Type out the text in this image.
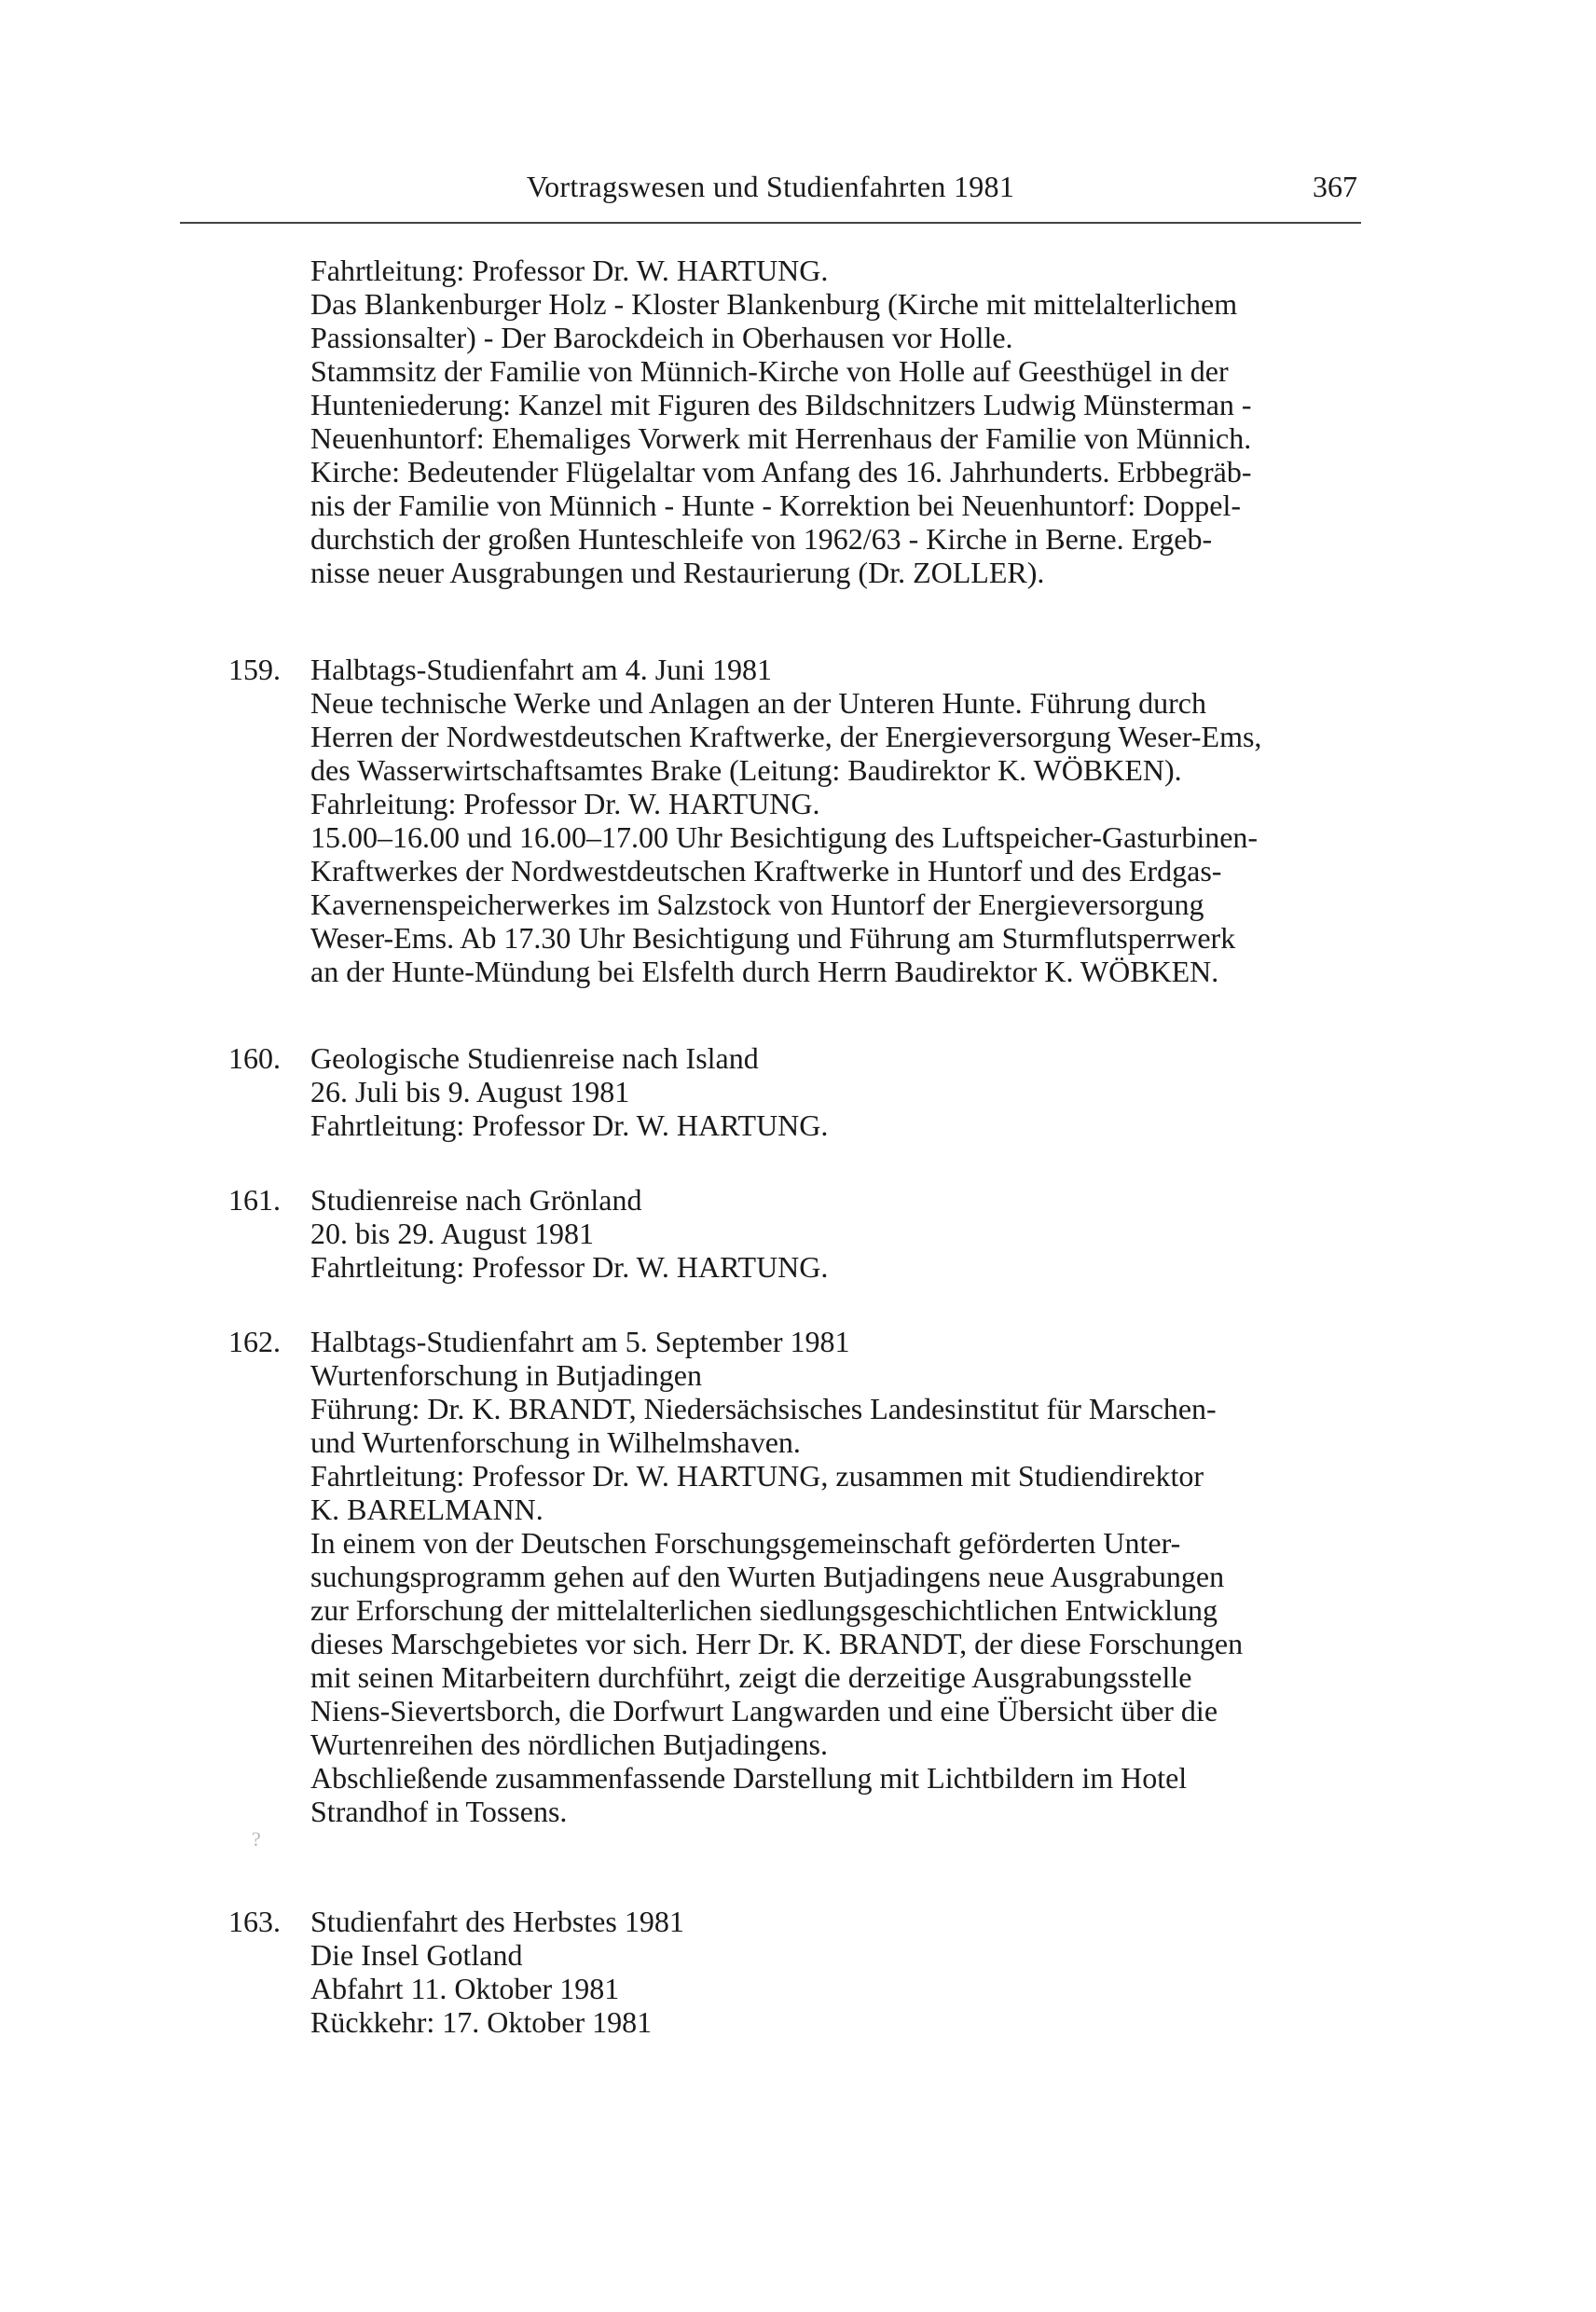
Vortragswesen und Studienfahrten 1981	367
Fahrtleitung: Professor Dr. W. HARTUNG.
Das Blankenburger Holz - Kloster Blankenburg (Kirche mit mittelalterlichem
Passionsalter) - Der Barockdeich in Oberhausen vor Holle.
Stammsitz der Familie von Münnich-Kirche von Holle auf Geesthügel in der
Hunteniederung: Kanzel mit Figuren des Bildschnitzers Ludwig Münsterman -
Neuenhuntorf: Ehemaliges Vorwerk mit Herrenhaus der Familie von Münnich.
Kirche: Bedeutender Flügelaltar vom Anfang des 16. Jahrhunderts. Erbbegräb-
nis der Familie von Münnich - Hunte - Korrektion bei Neuenhuntorf: Doppel-
durchstich der großen Hunteschleife von 1962/63 - Kirche in Berne. Ergeb-
nisse neuer Ausgrabungen und Restaurierung (Dr. ZOLLER).
159. Halbtags-Studienfahrt am 4. Juni 1981
Neue technische Werke und Anlagen an der Unteren Hunte. Führung durch
Herren der Nordwestdeutschen Kraftwerke, der Energieversorgung Weser-Ems,
des Wasserwirtschaftsamtes Brake (Leitung: Baudirektor K. WÖBKEN).
Fahrleitung: Professor Dr. W. HARTUNG.
15.00–16.00 und 16.00–17.00 Uhr Besichtigung des Luftspeicher-Gasturbinen-
Kraftwerkes der Nordwestdeutschen Kraftwerke in Huntorf und des Erdgas-
Kavernenspeicherwerkes im Salzstock von Huntorf der Energieversorgung
Weser-Ems. Ab 17.30 Uhr Besichtigung und Führung am Sturmflutsperrwerk
an der Hunte-Mündung bei Elsfelth durch Herrn Baudirektor K. WÖBKEN.
160. Geologische Studienreise nach Island
26. Juli bis 9. August 1981
Fahrtleitung: Professor Dr. W. HARTUNG.
161. Studienreise nach Grönland
20. bis 29. August 1981
Fahrtleitung: Professor Dr. W. HARTUNG.
162. Halbtags-Studienfahrt am 5. September 1981
Wurtenforschung in Butjadingen
Führung: Dr. K. BRANDT, Niedersächsisches Landesinstitut für Marschen-
und Wurtenforschung in Wilhelmshaven.
Fahrtleitung: Professor Dr. W. HARTUNG, zusammen mit Studiendirektor
K. BARELMANN.
In einem von der Deutschen Forschungsgemeinschaft geförderten Unter-
suchungsprogramm gehen auf den Wurten Butjadingens neue Ausgrabungen
zur Erforschung der mittelalterlichen siedlungsgeschichtlichen Entwicklung
dieses Marschgebietes vor sich. Herr Dr. K. BRANDT, der diese Forschungen
mit seinen Mitarbeitern durchführt, zeigt die derzeitige Ausgrabungsstelle
Niens-Sievertsborch, die Dorfwurt Langwarden und eine Übersicht über die
Wurtenreihen des nördlichen Butjadingens.
Abschließende zusammenfassende Darstellung mit Lichtbildern im Hotel
Strandhof in Tossens.
163. Studienfahrt des Herbstes 1981
Die Insel Gotland
Abfahrt 11. Oktober 1981
Rückkehr: 17. Oktober 1981
?
